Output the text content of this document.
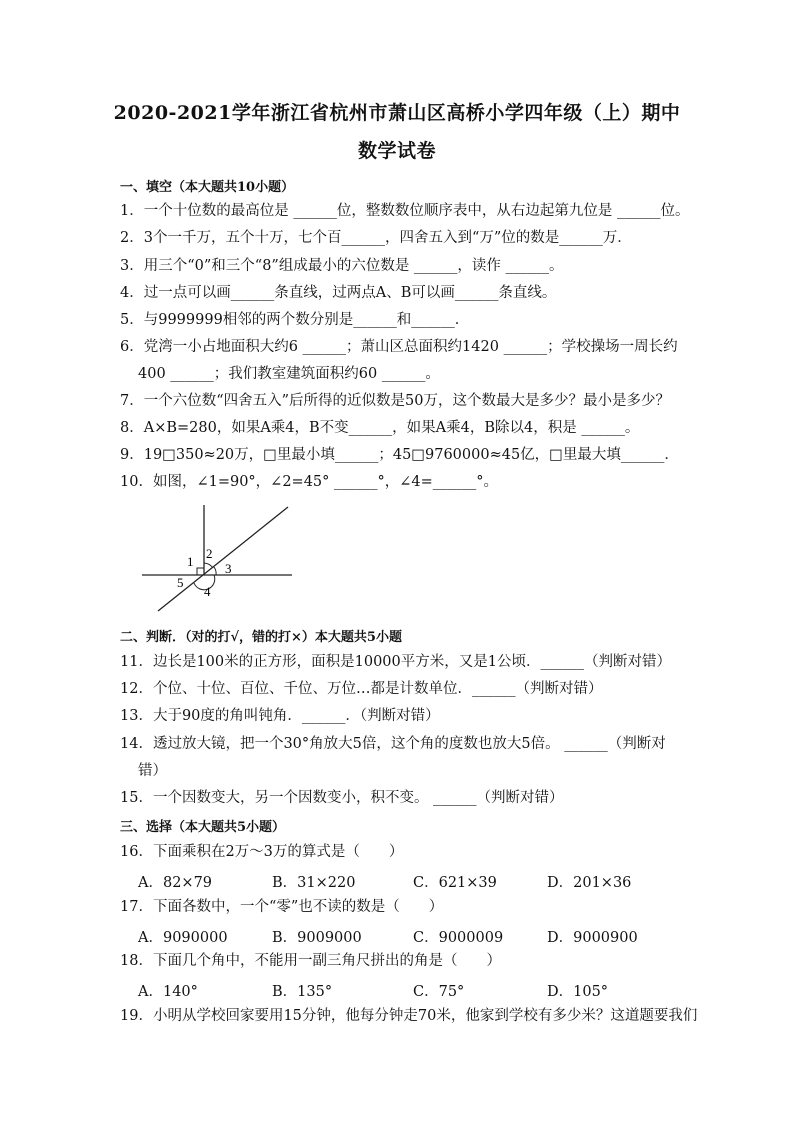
2020-2021学年浙江省杭州市萧山区高桥小学四年级（上）期中
数学试卷
一、填空（本大题共10小题）
1．一个十位数的最高位是 ______位，整数数位顺序表中，从右边起第九位是 ______位。
2．3个一千万，五个十万，七个百______，四舍五入到“万”位的数是______万．
3．用三个“0”和三个“8”组成最小的六位数是 ______，读作 ______。
4．过一点可以画______条直线，过两点A、B可以画______条直线。
5．与9999999相邻的两个数分别是______和______．
6．党湾一小占地面积大约6 ______；萧山区总面积约1420 ______；学校操场一周长约
400 ______；我们教室建筑面积约60 ______。
7．一个六位数“四舍五入”后所得的近似数是50万，这个数最大是多少？最小是多少？
8．A×B=280，如果A乘4，B不变______，如果A乘4，B除以4，积是 ______。
9．19□350≈20万，□里最小填______；45□9760000≈45亿，□里最大填______．
10．如图，∠1=90°，∠2=45° ______°，∠4=______°。
1
2
3
4
5
二、判断．（对的打√，错的打×）本大题共5小题
11．边长是100米的正方形，面积是10000平方米，又是1公顷．______（判断对错）
12．个位、十位、百位、千位、万位…都是计数单位．______（判断对错）
13．大于90度的角叫钝角．______．（判断对错）
14．透过放大镜，把一个30°角放大5倍，这个角的度数也放大5倍。 ______（判断对
错）
15．一个因数变大，另一个因数变小，积不变。 ______（判断对错）
三、选择（本大题共5小题）
16．下面乘积在2万～3万的算式是（　　）
A．82×79	B．31×220	C．621×39	D．201×36
17．下面各数中，一个“零”也不读的数是（　　）
A．9090000	B．9009000	C．9000009	D．9000900
18．下面几个角中，不能用一副三角尺拼出的角是（　　）
A．140°	B．135°	C．75°	D．105°
19．小明从学校回家要用15分钟，他每分钟走70米，他家到学校有多少米？这道题要我们
